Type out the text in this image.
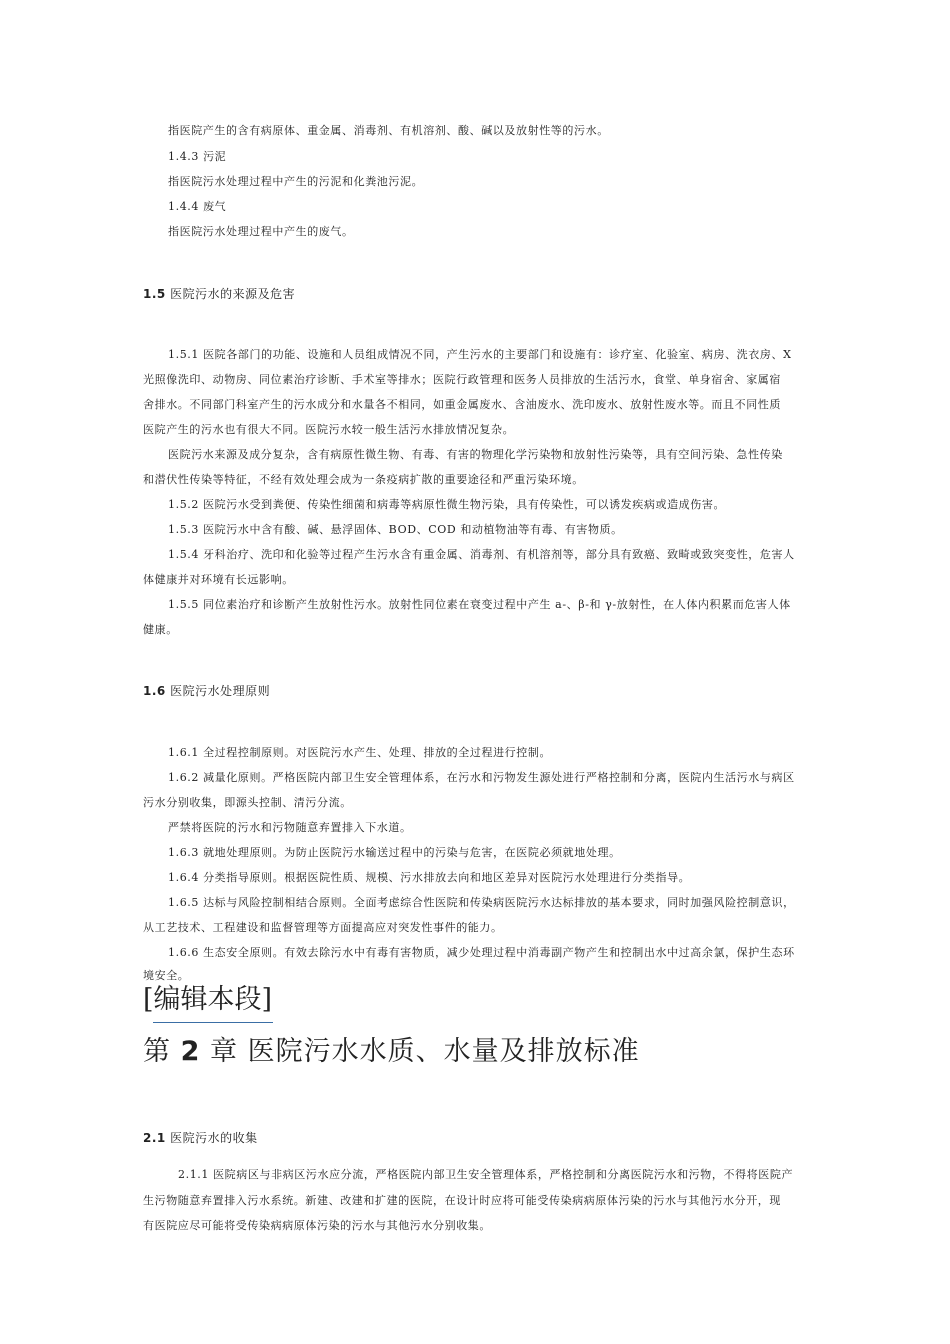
指医院产生的含有病原体、重金属、消毒剂、有机溶剂、酸、碱以及放射性等的污水。
1.4.3 污泥
指医院污水处理过程中产生的污泥和化粪池污泥。
1.4.4 废气
指医院污水处理过程中产生的废气。
1.5 医院污水的来源及危害
1.5.1 医院各部门的功能、设施和人员组成情况不同，产生污水的主要部门和设施有：诊疗室、化验室、病房、洗衣房、X
光照像洗印、动物房、同位素治疗诊断、手术室等排水；医院行政管理和医务人员排放的生活污水，食堂、单身宿舍、家属宿
舍排水。不同部门科室产生的污水成分和水量各不相同，如重金属废水、含油废水、洗印废水、放射性废水等。而且不同性质
医院产生的污水也有很大不同。医院污水较一般生活污水排放情况复杂。
医院污水来源及成分复杂，含有病原性微生物、有毒、有害的物理化学污染物和放射性污染等，具有空间污染、急性传染
和潜伏性传染等特征，不经有效处理会成为一条疫病扩散的重要途径和严重污染环境。
1.5.2 医院污水受到粪便、传染性细菌和病毒等病原性微生物污染，具有传染性，可以诱发疾病或造成伤害。
1.5.3 医院污水中含有酸、碱、悬浮固体、BOD、COD 和动植物油等有毒、有害物质。
1.5.4 牙科治疗、洗印和化验等过程产生污水含有重金属、消毒剂、有机溶剂等，部分具有致癌、致畸或致突变性，危害人
体健康并对环境有长远影响。
1.5.5 同位素治疗和诊断产生放射性污水。放射性同位素在衰变过程中产生 a-、β-和 γ-放射性，在人体内积累而危害人体
健康。
1.6 医院污水处理原则
1.6.1 全过程控制原则。对医院污水产生、处理、排放的全过程进行控制。
1.6.2 减量化原则。严格医院内部卫生安全管理体系，在污水和污物发生源处进行严格控制和分离，医院内生活污水与病区
污水分别收集，即源头控制、清污分流。
严禁将医院的污水和污物随意弃置排入下水道。
1.6.3 就地处理原则。为防止医院污水输送过程中的污染与危害，在医院必须就地处理。
1.6.4 分类指导原则。根据医院性质、规模、污水排放去向和地区差异对医院污水处理进行分类指导。
1.6.5 达标与风险控制相结合原则。全面考虑综合性医院和传染病医院污水达标排放的基本要求，同时加强风险控制意识，
从工艺技术、工程建设和监督管理等方面提高应对突发性事件的能力。
1.6.6 生态安全原则。有效去除污水中有毒有害物质，减少处理过程中消毒副产物产生和控制出水中过高余氯，保护生态环
境安全。
[编辑本段]
第 2 章 医院污水水质、水量及排放标准
2.1 医院污水的收集
2.1.1 医院病区与非病区污水应分流，严格医院内部卫生安全管理体系，严格控制和分离医院污水和污物，不得将医院产
生污物随意弃置排入污水系统。新建、改建和扩建的医院，在设计时应将可能受传染病病原体污染的污水与其他污水分开，现
有医院应尽可能将受传染病病原体污染的污水与其他污水分别收集。
